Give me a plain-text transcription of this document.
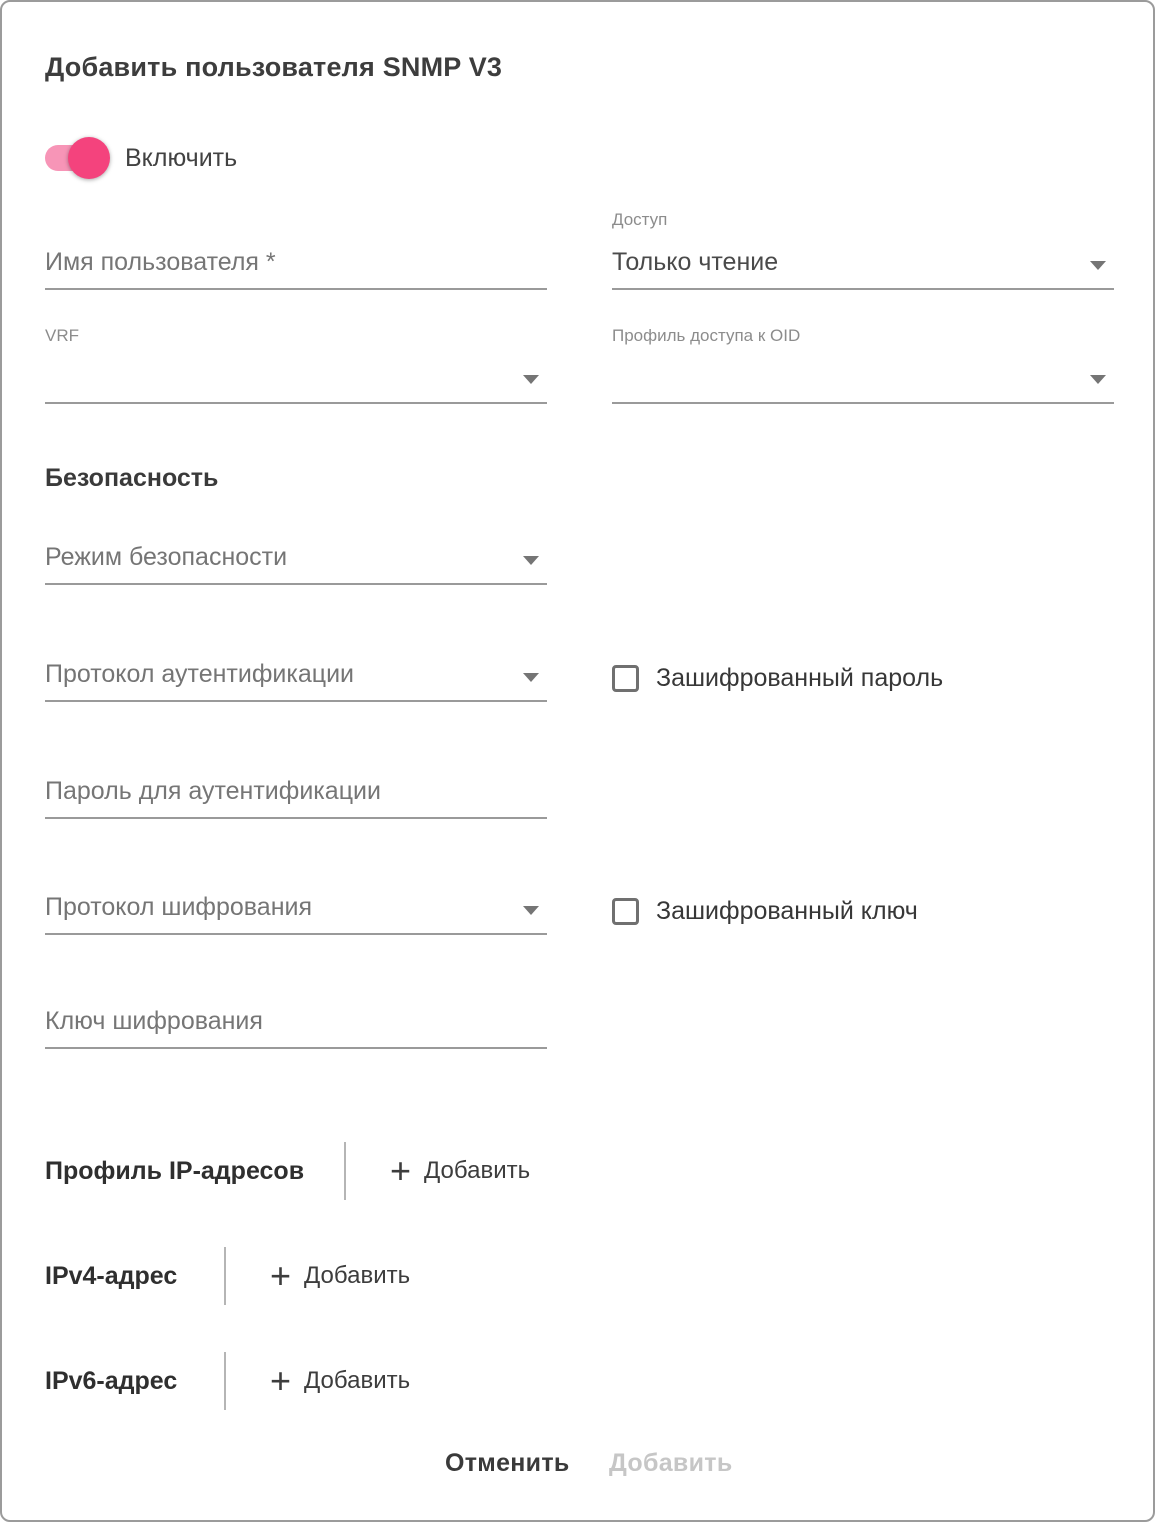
Добавить пользователя SNMP V3
Включить
Имя пользователя *
Доступ
Только чтение
VRF	Профиль доступа к OID
Безопасность
Режим безопасности
Протокол аутентификации	Зашифрованный пароль
Пароль для аутентификации
Протокол шифрования	Зашифрованный ключ
Ключ шифрования
Профиль IP-адресов	+ Добавить
IPv4-адрес	+ Добавить
IPv6-адрес	+ Добавить
Отменить Добавить
